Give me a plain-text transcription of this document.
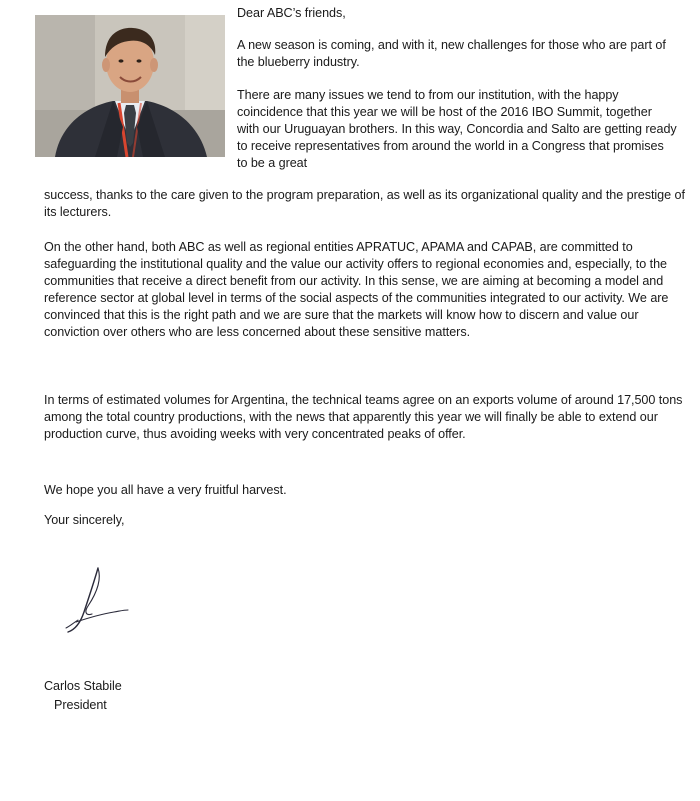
Dear ABC’s friends,
A new season is coming, and with it, new challenges for those who are part of the blueberry industry.
There are many issues we tend to from our institution, with the happy coincidence that this year we will be host of the 2016 IBO Summit, together with our Uruguayan brothers. In this way, Concordia and Salto are getting ready to receive representatives from around the world in a Congress that promises to be a great
success, thanks to the care given to the program preparation, as well as its organizational quality and the prestige of its lecturers.
On the other hand, both ABC as well as regional entities APRATUC, APAMA and CAPAB, are committed to safeguarding the institutional quality and the value our activity offers to regional economies and, especially, to the communities that receive a direct benefit from our activity. In this sense, we are aiming at becoming a model and reference sector at global level in terms of the social aspects of the communities integrated to our activity. We are convinced that this is the right path and we are sure that the markets will know how to discern and value our conviction over others who are less concerned about these sensitive matters.
In terms of estimated volumes for Argentina, the technical teams agree on an exports volume of around 17,500 tons among the total country productions, with the news that apparently this year we will finally be able to extend our production curve, thus avoiding weeks with very concentrated peaks of offer.
We hope you all have a very fruitful harvest.
Your sincerely,
Carlos Stabile
President
